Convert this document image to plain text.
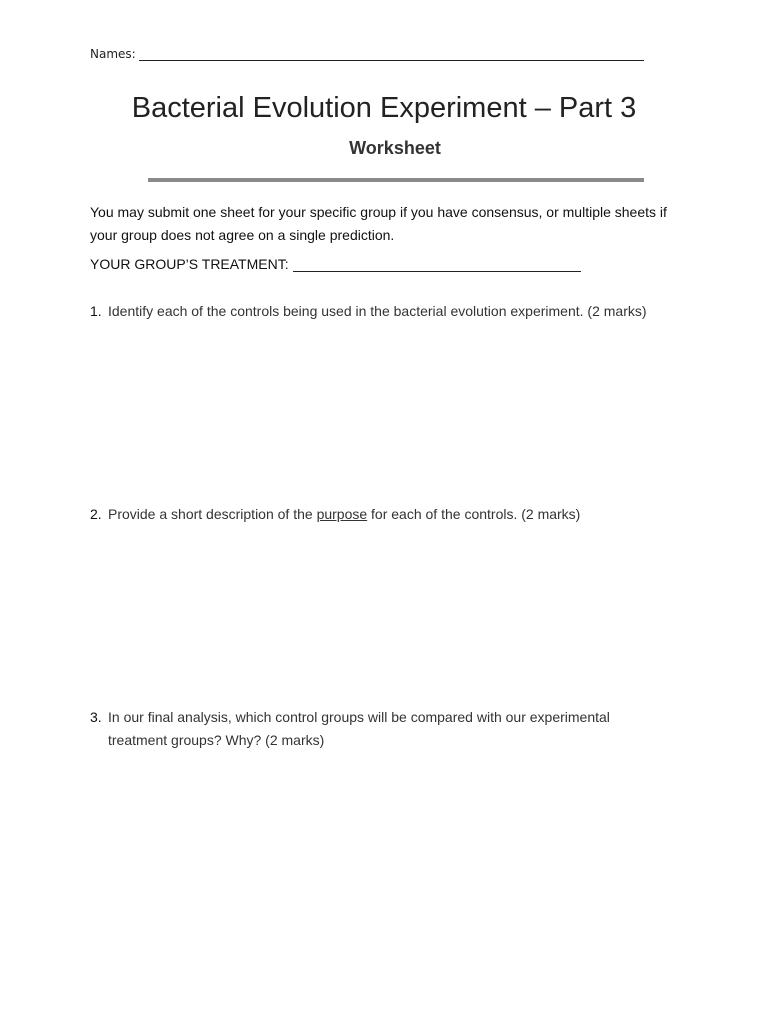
Names:
Bacterial Evolution Experiment – Part 3
Worksheet

You may submit one sheet for your specific group if you have consensus, or multiple sheets if your group does not agree on a single prediction.

YOUR GROUP’S TREATMENT:
1. Identify each of the controls being used in the bacterial evolution experiment. (2 marks)
2. Provide a short description of the purpose for each of the controls. (2 marks)
3. In our final analysis, which control groups will be compared with our experimental treatment groups? Why? (2 marks)
